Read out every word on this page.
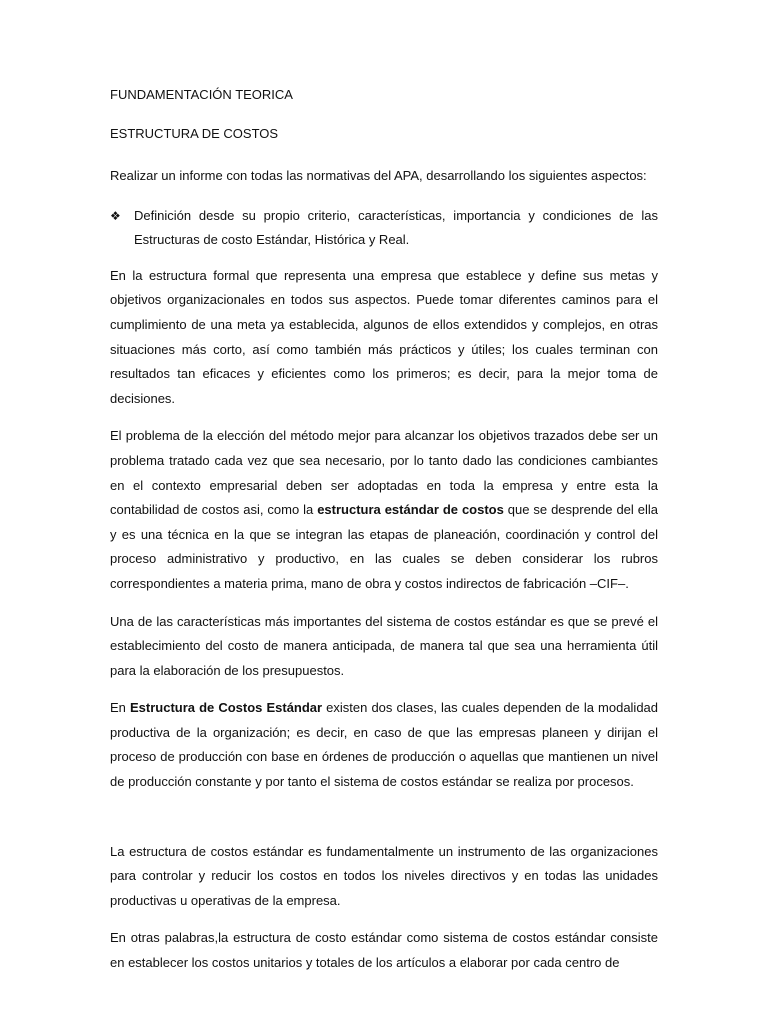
FUNDAMENTACIÓN TEORICA
ESTRUCTURA DE COSTOS
Realizar un informe con todas las normativas del APA, desarrollando los siguientes aspectos:
❖	Definición desde su propio criterio, características, importancia y condiciones de las Estructuras de costo Estándar, Histórica y Real.
En la estructura formal que representa una empresa que establece y define sus metas y objetivos organizacionales en todos sus aspectos. Puede tomar diferentes caminos para el cumplimiento de una meta ya establecida, algunos de ellos extendidos y complejos, en otras situaciones más corto, así como también más prácticos y útiles; los cuales terminan con resultados tan eficaces y eficientes como los primeros; es decir, para la mejor toma de decisiones.
El problema de la elección del método mejor para alcanzar los objetivos trazados debe ser un problema tratado cada vez que sea necesario, por lo tanto dado las condiciones cambiantes en el contexto empresarial deben ser adoptadas en toda la empresa y entre esta la contabilidad de costos asi, como la estructura estándar de costos que se desprende del ella y es una técnica en la que se integran las etapas de planeación, coordinación y control del proceso administrativo y productivo, en las cuales se deben considerar los rubros correspondientes a materia prima, mano de obra y costos indirectos de fabricación –CIF–.
Una de las características más importantes del sistema de costos estándar es que se prevé el establecimiento del costo de manera anticipada, de manera tal que sea una herramienta útil para la elaboración de los presupuestos.
En Estructura de Costos Estándar existen dos clases, las cuales dependen de la modalidad productiva de la organización; es decir, en caso de que las empresas planeen y dirijan el proceso de producción con base en órdenes de producción o aquellas que mantienen un nivel de producción constante y por tanto el sistema de costos estándar se realiza por procesos.
La estructura de costos estándar es fundamentalmente un instrumento de las organizaciones para controlar y reducir los costos en todos los niveles directivos y en todas las unidades productivas u operativas de la empresa.
En otras palabras,la estructura de costo estándar como sistema de costos estándar consiste en establecer los costos unitarios y totales de los artículos a elaborar por cada centro de
